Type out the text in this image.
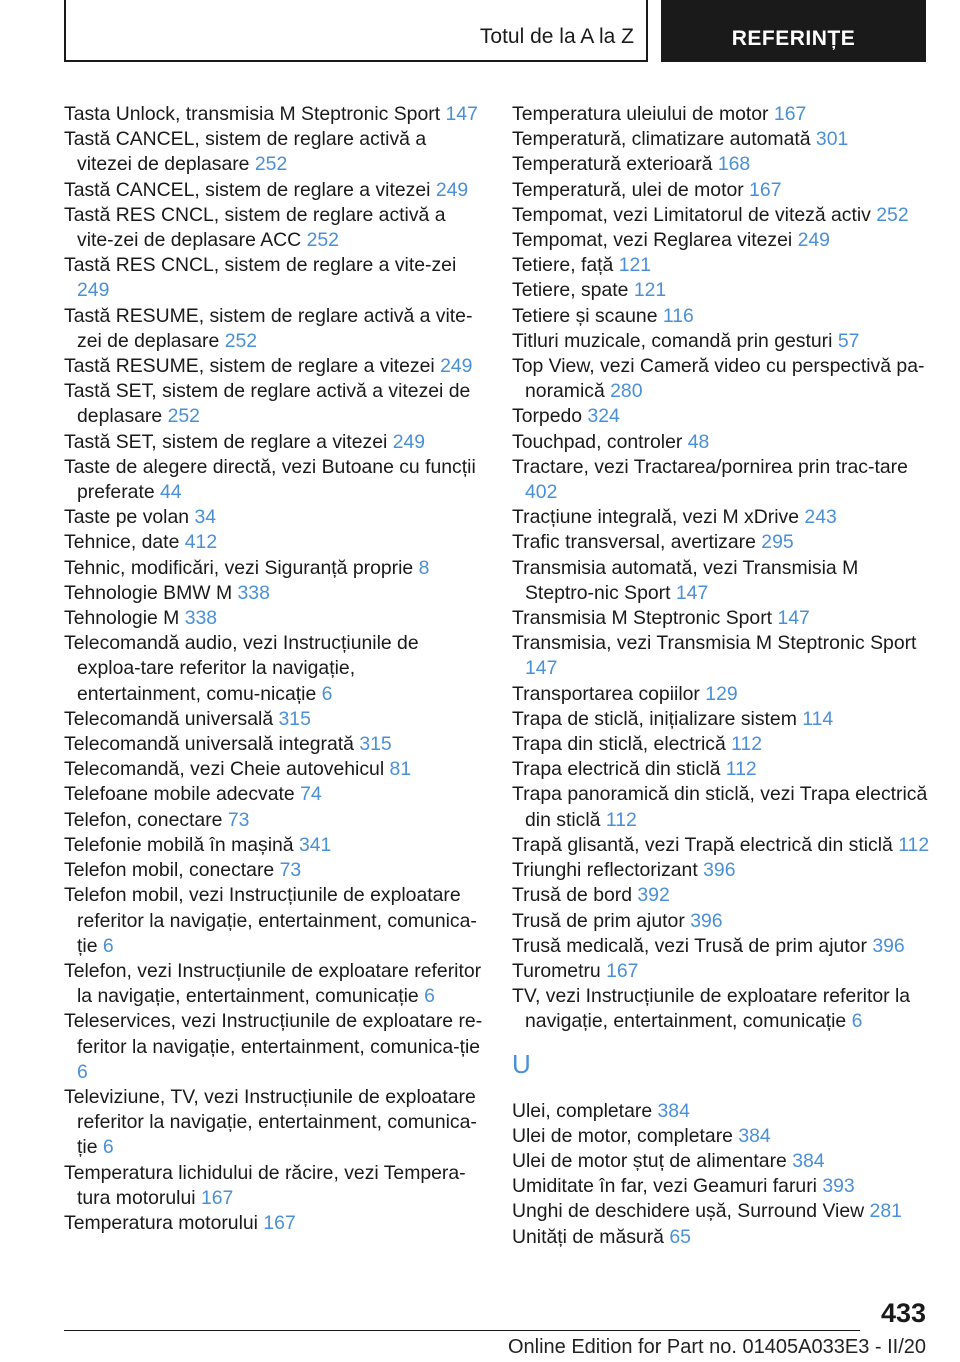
Totul de la A la Z	REFERINȚE
Tasta Unlock, transmisia M Steptronic Sport 147
Tastă CANCEL, sistem de reglare activă a vitezei de deplasare 252
Tastă CANCEL, sistem de reglare a vitezei 249
Tastă RES CNCL, sistem de reglare activă a vite‐zei de deplasare ACC 252
Tastă RES CNCL, sistem de reglare a vite‐zei 249
Tastă RESUME, sistem de reglare activă a vite‐zei de deplasare 252
Tastă RESUME, sistem de reglare a vitezei 249
Tastă SET, sistem de reglare activă a vitezei de deplasare 252
Tastă SET, sistem de reglare a vitezei 249
Taste de alegere directă, vezi Butoane cu funcții preferate 44
Taste pe volan 34
Tehnice, date 412
Tehnic, modificări, vezi Siguranță proprie 8
Tehnologie BMW M 338
Tehnologie M 338
Telecomandă audio, vezi Instrucțiunile de exploa‐tare referitor la navigație, entertainment, comu‐nicație 6
Telecomandă universală 315
Telecomandă universală integrată 315
Telecomandă, vezi Cheie autovehicul 81
Telefoane mobile adecvate 74
Telefon, conectare 73
Telefonie mobilă în mașină 341
Telefon mobil, conectare 73
Telefon mobil, vezi Instrucțiunile de exploatare referitor la navigație, entertainment, comunica‐ție 6
Telefon, vezi Instrucțiunile de exploatare referitor la navigație, entertainment, comunicație 6
Teleservices, vezi Instrucțiunile de exploatare re‐feritor la navigație, entertainment, comunica‐ție 6
Televiziune, TV, vezi Instrucțiunile de exploatare referitor la navigație, entertainment, comunica‐ție 6
Temperatura lichidului de răcire, vezi Tempera‐tura motorului 167
Temperatura motorului 167
Temperatura uleiului de motor 167
Temperatură, climatizare automată 301
Temperatură exterioară 168
Temperatură, ulei de motor 167
Tempomat, vezi Limitatorul de viteză activ 252
Tempomat, vezi Reglarea vitezei 249
Tetiere, față 121
Tetiere, spate 121
Tetiere și scaune 116
Titluri muzicale, comandă prin gesturi 57
Top View, vezi Cameră video cu perspectivă pa‐noramică 280
Torpedo 324
Touchpad, controler 48
Tractare, vezi Tractarea/pornirea prin trac‐tare 402
Tracțiune integrală, vezi M xDrive 243
Trafic transversal, avertizare 295
Transmisia automată, vezi Transmisia M Steptro‐nic Sport 147
Transmisia M Steptronic Sport 147
Transmisia, vezi Transmisia M Steptronic Sport 147
Transportarea copiilor 129
Trapa de sticlă, inițializare sistem 114
Trapa din sticlă, electrică 112
Trapa electrică din sticlă 112
Trapa panoramică din sticlă, vezi Trapa electrică din sticlă 112
Trapă glisantă, vezi Trapă electrică din sticlă 112
Triunghi reflectorizant 396
Trusă de bord 392
Trusă de prim ajutor 396
Trusă medicală, vezi Trusă de prim ajutor 396
Turometru 167
TV, vezi Instrucțiunile de exploatare referitor la navigație, entertainment, comunicație 6
U
Ulei, completare 384
Ulei de motor, completare 384
Ulei de motor ștuț de alimentare 384
Umiditate în far, vezi Geamuri faruri 393
Unghi de deschidere ușă, Surround View 281
Unități de măsură 65
433
Online Edition for Part no. 01405A033E3 - II/20
